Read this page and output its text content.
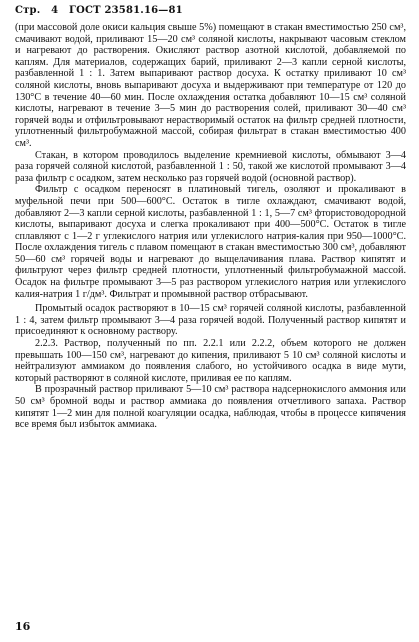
Стр. 4 ГОСТ 23581.16—81

(при массовой доле окиси кальция свыше 5%) помещают в стакан вместимостью 250 см³, смачивают водой, приливают 15—20 см³ соляной кислоты, накрывают часовым стеклом и нагревают до растворения. Окисляют раствор азотной кислотой, добавляемой по каплям. Для материалов, содержащих барий, приливают 2—3 капли серной кислоты, разбавленной 1 : 1. Затем выпаривают раствор досуха. К остатку приливают 10 см³ соляной кислоты, вновь выпаривают досуха и выдерживают при температуре от 120 до 130°С в течение 40—60 мин. После охлаждения остатка добавляют 10—15 см³ соляной кислоты, нагревают в течение 3—5 мин до растворения солей, приливают 30—40 см³ горячей воды и отфильтровывают нерастворимый остаток на фильтр средней плотности, уплотненный фильтробумажной массой, собирая фильтрат в стакан вместимостью 400 см³.

Стакан, в котором проводилось выделение кремниевой кислоты, обмывают 3—4 раза горячей соляной кислотой, разбавленной 1 : 50, такой же кислотой промывают 3—4 раза фильтр с осадком, затем несколько раз горячей водой (основной раствор).

Фильтр с осадком переносят в платиновый тигель, озоляют и прокаливают в муфельной печи при 500—600°С. Остаток в тигле охлаждают, смачивают водой, добавляют 2—3 капли серной кислоты, разбавленной 1 : 1, 5—7 см³ фтористоводородной кислоты, выпаривают досуха и слегка прокаливают при 400—500°С. Остаток в тигле сплавляют с 1—2 г углекислого натрия или углекислого натрия-калия при 950—1000°С. После охлаждения тигель с плавом помещают в стакан вместимостью 300 см³, добавляют 50—60 см³ горячей воды и нагревают до выщелачивания плава. Раствор кипятят и фильтруют через фильтр средней плотности, уплотненный фильтробумажной массой. Осадок на фильтре промывают 3—5 раз раствором углекислого натрия или углекислого калия-натрия 1 г/дм³. Фильтрат и промывной раствор отбрасывают.

Промытый осадок растворяют в 10—15 см³ горячей соляной кислоты, разбавленной 1 : 4, затем фильтр промывают 3—4 раза горячей водой. Полученный раствор кипятят и присоединяют к основному раствору.

2.2.3. Раствор, полученный по пп. 2.2.1 или 2.2.2, объем которого не должен превышать 100—150 см³, нагревают до кипения, приливают 5 10 см³ соляной кислоты и нейтрализуют аммиаком до появления слабого, но устойчивого осадка в виде мути, который растворяют в соляной кислоте, приливая ее по каплям.

В прозрачный раствор приливают 5—10 см³ раствора надсернокислого аммония или 50 см³ бромной воды и раствор аммиака до появления отчетливого запаха. Раствор кипятят 1—2 мин для полной коагуляции осадка, наблюдая, чтобы в процессе кипячения все время был избыток аммиака.

16
